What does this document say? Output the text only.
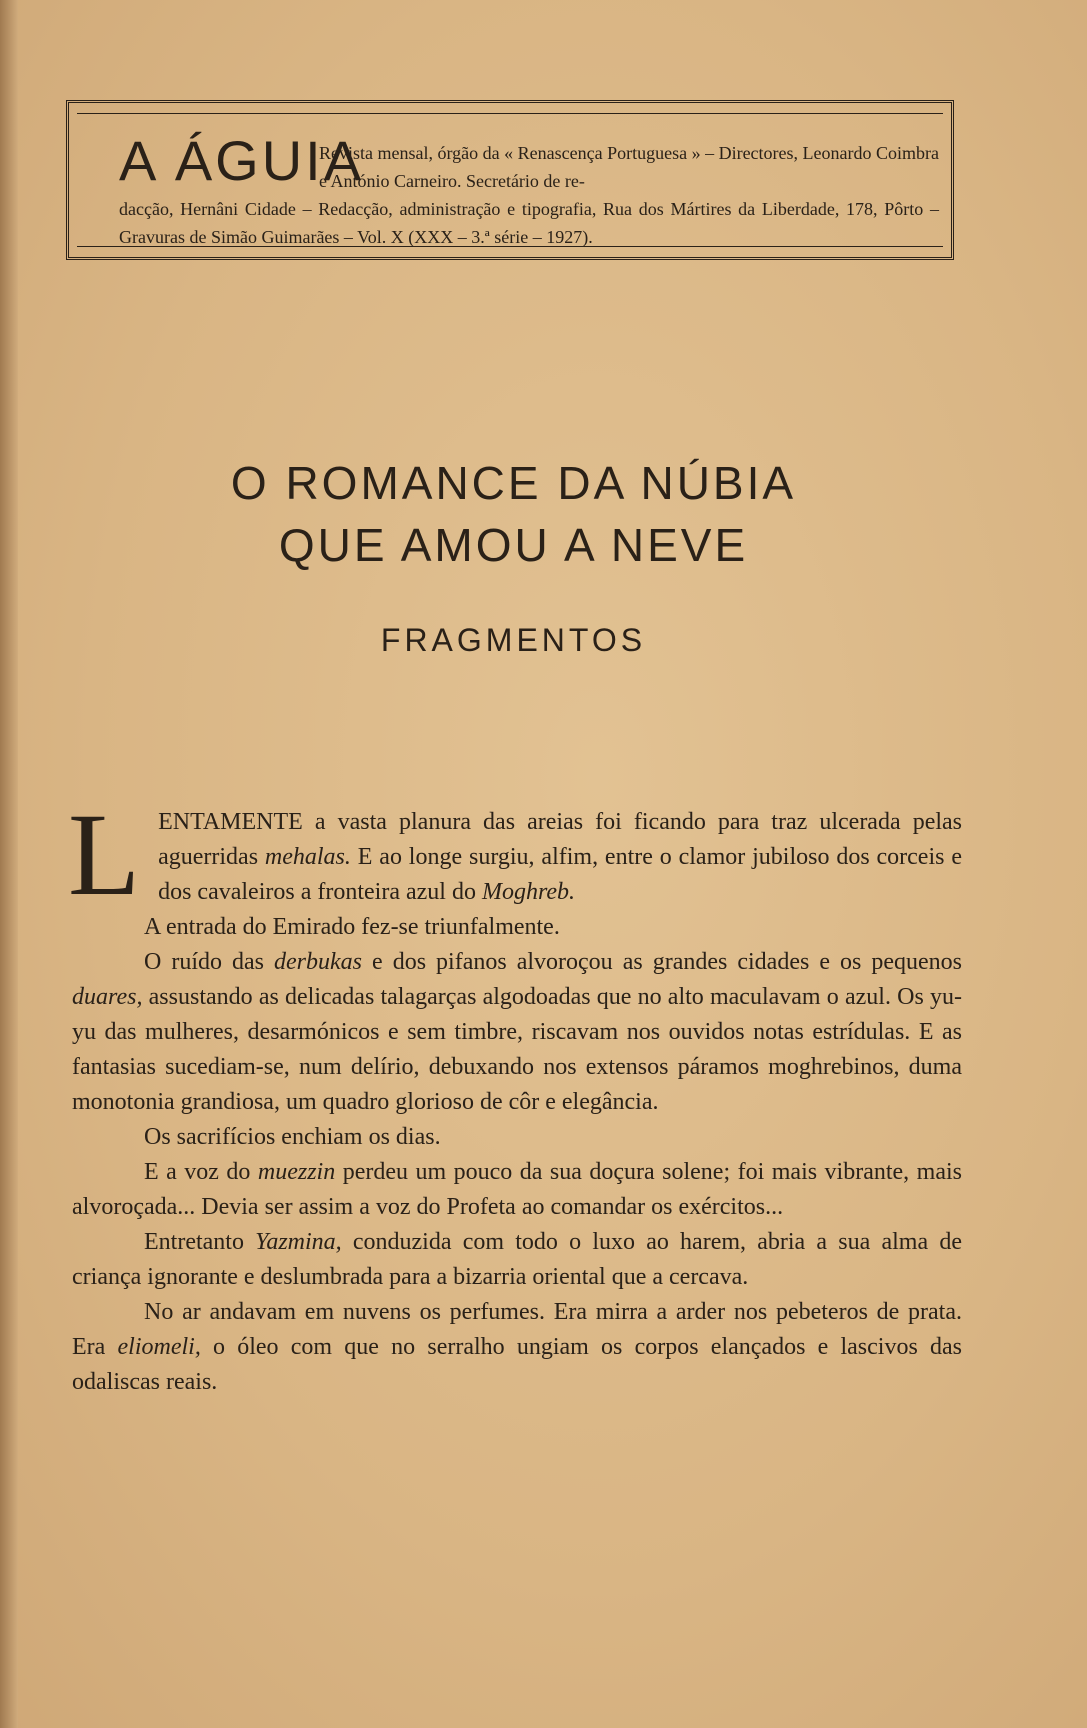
A ÁGUIA
Revista mensal, órgão da « Renascença Portuguesa » – Directores, Leonardo Coimbra e António Carneiro. Secretário de re-
dacção, Hernâni Cidade – Redacção, administração e tipografia, Rua dos Mártires da Liberdade, 178, Pôrto – Gravuras de Simão Guimarães – Vol. X (XXX – 3.ª série – 1927).
O ROMANCE DA NÚBIA
QUE AMOU A NEVE
FRAGMENTOS

LENTAMENTE a vasta planura das areias foi ficando para traz ulcerada pelas aguerridas mehalas. E ao longe surgiu, alfim, entre o clamor jubiloso dos corceis e dos cavaleiros a fronteira azul do Moghreb.

A entrada do Emirado fez-se triunfalmente.

O ruído das derbukas e dos pifanos alvoroçou as grandes cidades e os pequenos duares, assustando as delicadas talagarças algodoadas que no alto maculavam o azul. Os yu-yu das mulheres, desarmónicos e sem timbre, riscavam nos ouvidos notas estrídulas. E as fantasias sucediam-se, num delírio, debuxando nos extensos páramos moghrebinos, duma monotonia grandiosa, um quadro glorioso de côr e elegância.

Os sacrifícios enchiam os dias.

E a voz do muezzin perdeu um pouco da sua doçura solene; foi mais vibrante, mais alvoroçada... Devia ser assim a voz do Profeta ao comandar os exércitos...

Entretanto Yazmina, conduzida com todo o luxo ao harem, abria a sua alma de criança ignorante e deslumbrada para a bizarria oriental que a cercava.

No ar andavam em nuvens os perfumes. Era mirra a arder nos pebeteros de prata. Era eliomeli, o óleo com que no serralho ungiam os corpos elançados e lascivos das odaliscas reais.
